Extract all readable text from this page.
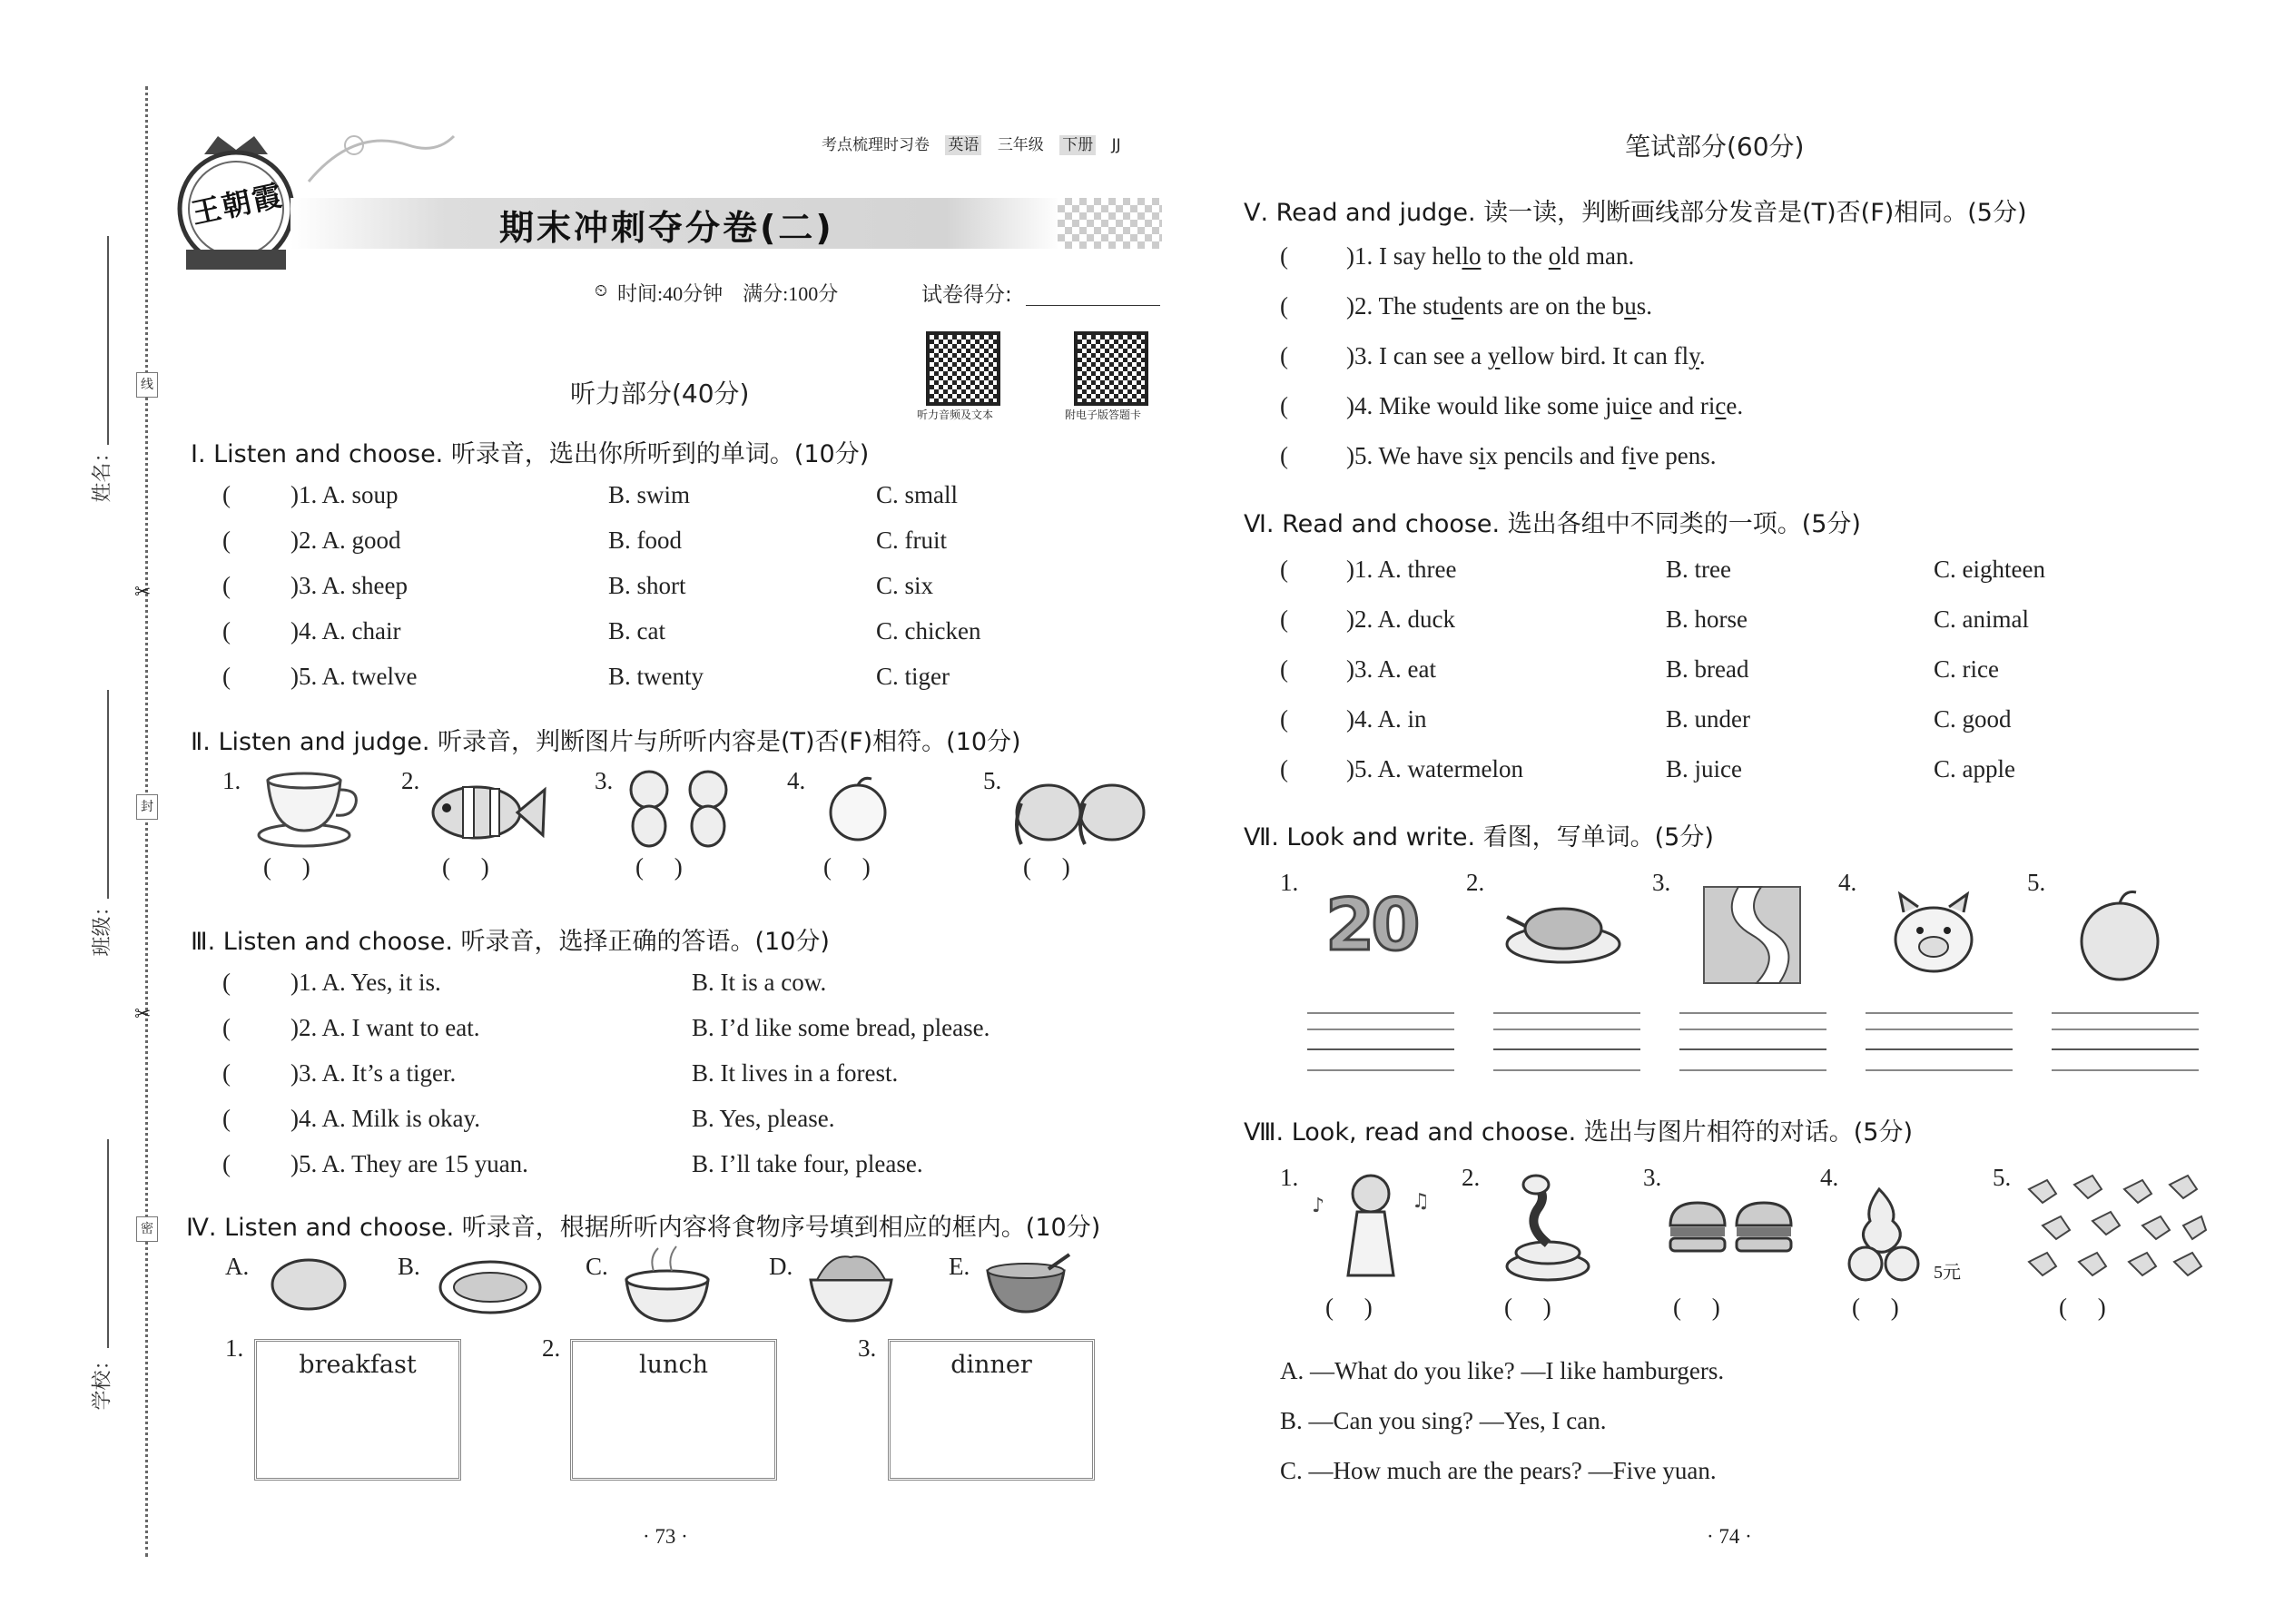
姓名：
班级：
学校：
线
封
密
✂
✂
王朝霞
考点梳理时习卷 英语 三年级 下册 JJ
期末冲刺夺分卷(二)
⏲ 时间:40分钟　满分:100分	试卷得分:
听力音频及文本	附电子版答题卡
听力部分(40分)
Ⅰ. Listen and choose. 听录音，选出你所听到的单词。(10分)
( )1. A. soup	B. swim	C. small
( )2. A. good	B. food	C. fruit
( )3. A. sheep	B. short	C. six
( )4. A. chair	B. cat	C. chicken
( )5. A. twelve	B. twenty	C. tiger
Ⅱ. Listen and judge. 听录音，判断图片与所听内容是(T)否(F)相符。(10分)
1.
(     )
2.
(     )
3.
(     )
4.
(     )
5.
(     )
Ⅲ. Listen and choose. 听录音，选择正确的答语。(10分)
( )1. A. Yes, it is.	B. It is a cow.
( )2. A. I want to eat.	B. I’d like some bread, please.
( )3. A. It’s a tiger.	B. It lives in a forest.
( )4. A. Milk is okay.	B. Yes, please.
( )5. A. They are 15 yuan.	B. I’ll take four, please.
Ⅳ. Listen and choose. 听录音，根据所听内容将食物序号填到相应的框内。(10分)
A.	B.	C.	D.	E.
1.
breakfast
2.
lunch
3.
dinner
· 73 ·
笔试部分(60分)
Ⅴ. Read and judge. 读一读，判断画线部分发音是(T)否(F)相同。(5分)
( )1. I say hello to the old man.
( )2. The students are on the bus.
( )3. I can see a yellow bird. It can fly.
( )4. Mike would like some juice and rice.
( )5. We have six pencils and five pens.
Ⅵ. Read and choose. 选出各组中不同类的一项。(5分)
( )1. A. three	B. tree	C. eighteen
( )2. A. duck	B. horse	C. animal
( )3. A. eat	B. bread	C. rice
( )4. A. in	B. under	C. good
( )5. A. watermelon	B. juice	C. apple
Ⅶ. Look and write. 看图，写单词。(5分)
1.
20
2.	3.	4.	5.
Ⅷ. Look, read and choose. 选出与图片相符的对话。(5分)
1.
♪	♫
(     )
2.
(     )
3.
(     )
4.
5元
(     )
5.
(     )
A. —What do you like? —I like hamburgers.
B. —Can you sing? —Yes, I can.
C. —How much are the pears? —Five yuan.
· 74 ·
